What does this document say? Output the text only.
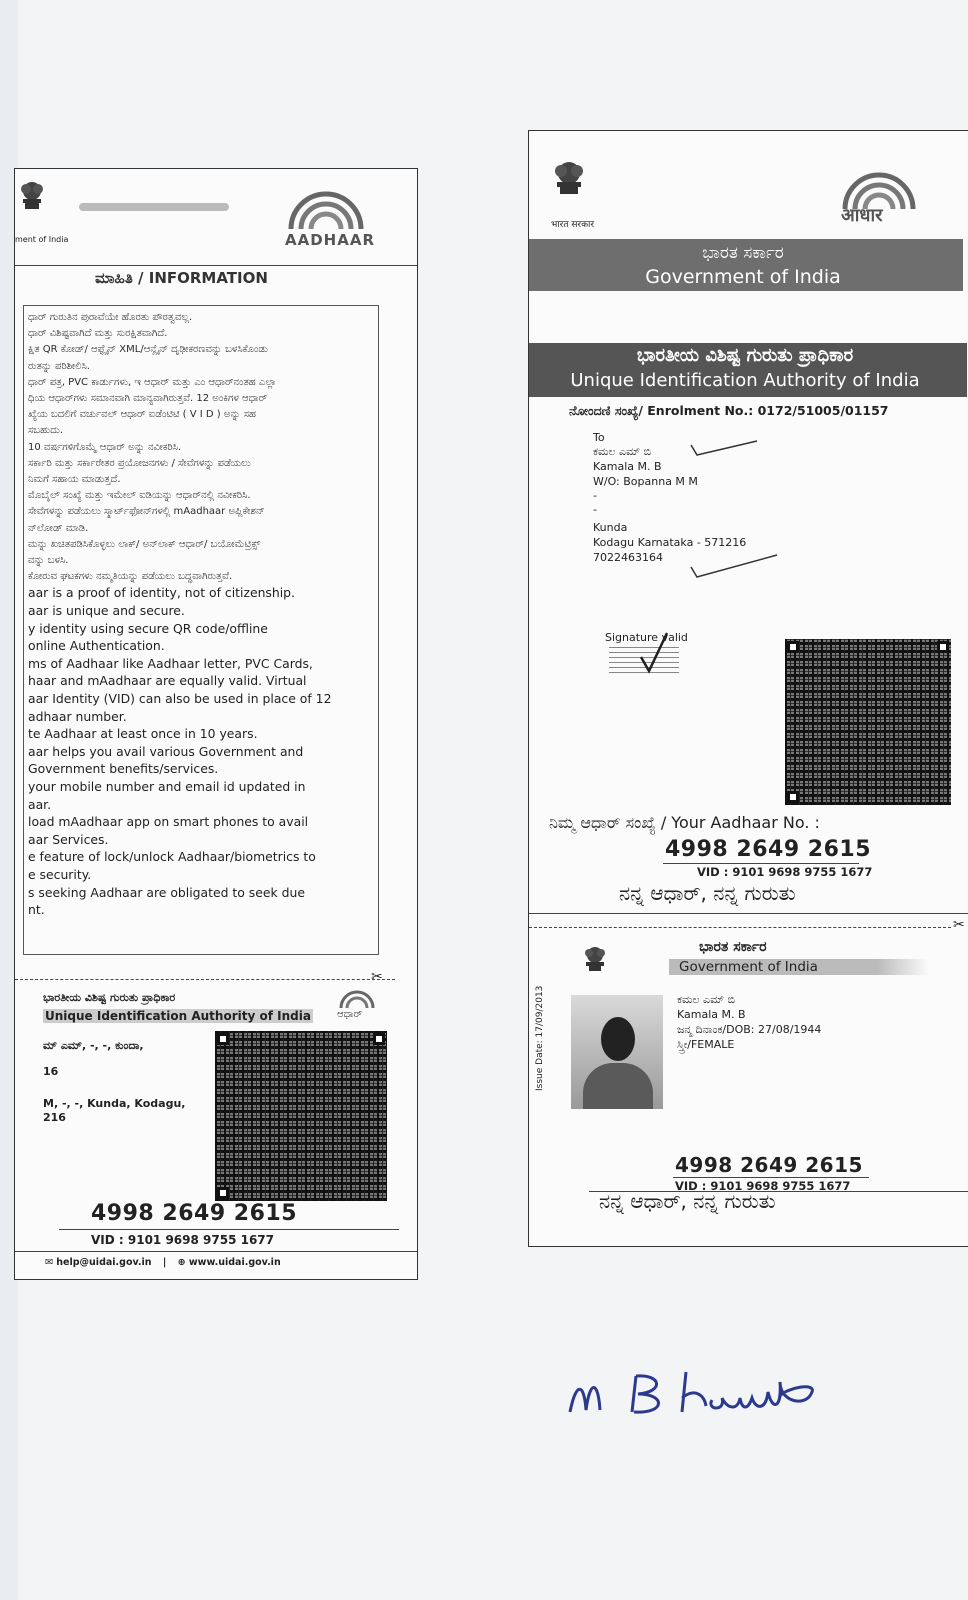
ment of India	AADHAAR
ಮಾಹಿತಿ / INFORMATION
ಧಾರ್ ಗುರುತಿನ ಪುರಾವೆಯೇ ಹೊರತು ಪೌರತ್ವವಲ್ಲ.
ಧಾರ್ ವಿಶಿಷ್ಟವಾಗಿದೆ ಮತ್ತು ಸುರಕ್ಷಿತವಾಗಿದೆ.
ಕ್ಷಿತ QR ಕೋಡ್/ ಆಫ್ಲೈನ್ XML/ಆನ್ಲೈನ್ ದೃಢೀಕರಣವನ್ನು ಬಳಸಿಕೊಂಡು
ರುತನ್ನು ಪರಿಶೀಲಿಸಿ.
ಧಾರ್ ಪತ್ರ, PVC ಕಾರ್ಡುಗಳು, ಇ ಆಧಾರ್ ಮತ್ತು ಎಂ ಆಧಾರ್‌ನಂತಹ ಎಲ್ಲಾ
ಧಿಯ ಆಧಾರ್‌ಗಳು ಸಮಾನವಾಗಿ ಮಾನ್ಯವಾಗಿರುತ್ತವೆ. 12 ಅಂಕಿಗಳ ಆಧಾರ್
ಖ್ಯೆಯ ಬದಲಿಗೆ ವರ್ಚುವಲ್ ಆಧಾರ್ ಐಡೆಂಟಿಟಿ ( V I D ) ಅನ್ನು ಸಹ
ಸಬಹುದು.
10 ವರ್ಷಗಳಿಗೊಮ್ಮೆ ಆಧಾರ್ ಅನ್ನು ನವೀಕರಿಸಿ.
ಸರ್ಕಾರಿ ಮತ್ತು ಸರ್ಕಾರೇತರ ಪ್ರಯೋಜನಗಳು / ಸೇವೆಗಳನ್ನು ಪಡೆಯಲು
ನಿಮಗೆ ಸಹಾಯ ಮಾಡುತ್ತದೆ.
ಮೊಬೈಲ್ ಸಂಖ್ಯೆ ಮತ್ತು ಇಮೇಲ್ ಐಡಿಯನ್ನು ಆಧಾರ್‌ನಲ್ಲಿ ನವೀಕರಿಸಿ.
ಸೇವೆಗಳನ್ನು ಪಡೆಯಲು ಸ್ಮಾರ್ಟ್‌ಫೋನ್‌ಗಳಲ್ಲಿ mAadhaar ಅಪ್ಲಿಕೇಶನ್
ನ್‌ಲೋಡ್ ಮಾಡಿ.
ಮನ್ನು ಖಚಿತಪಡಿಸಿಕೊಳ್ಳಲು ಲಾಕ್/ ಅನ್‌ಲಾಕ್ ಆಧಾರ್/ ಬಯೋಮೆಟ್ರಿಕ್ಸ್
ವನ್ನು ಬಳಸಿ.
ಕೋರುವ ಘಟಕಗಳು ನಮ್ಮತಿಯನ್ನು ಪಡೆಯಲು ಬದ್ಧವಾಗಿರುತ್ತವೆ.
aar is a proof of identity, not of citizenship.
aar is unique and secure.
y identity using secure QR code/offline
online Authentication.
ms of Aadhaar like Aadhaar letter, PVC Cards,
haar and mAadhaar are equally valid. Virtual
aar Identity (VID) can also be used in place of 12
adhaar number.
te Aadhaar at least once in 10 years.
aar helps you avail various Government and
Government benefits/services.
your mobile number and email id updated in
aar.
load mAadhaar app on smart phones to avail
aar Services.
e feature of lock/unlock Aadhaar/biometrics to
e security.
s seeking Aadhaar are obligated to seek due
nt.
✂
ಭಾರತೀಯ ವಿಶಿಷ್ಟ ಗುರುತು ಪ್ರಾಧಿಕಾರ
Unique Identification Authority of India	ಆಧಾರ್
ಮ್ ಎಮ್, -, -, ಕುಂದಾ,
16
M, -, -, Kunda, Kodagu,
216
4998 2649 2615
VID : 9101 9698 9755 1677
✉ help@uidai.gov.in | ⊕ www.uidai.gov.in
भारत सरकार	आधार
ಭಾರತ ಸರ್ಕಾರ
Government of India
ಭಾರತೀಯ ವಿಶಿಷ್ಟ ಗುರುತು ಪ್ರಾಧಿಕಾರ
Unique Identification Authority of India
ನೋಂದಣಿ ಸಂಖ್ಯೆ/ Enrolment No.: 0172/51005/01157
To
ಕಮಲ ಎಮ್ ಬಿ
Kamala M. B
W/O: Bopanna M M
-
-
Kunda
Kodagu Karnataka - 571216
7022463164
Signature valid
ನಿಮ್ಮ ಆಧಾರ್ ಸಂಖ್ಯೆ / Your Aadhaar No. :
4998 2649 2615
VID : 9101 9698 9755 1677
ನನ್ನ ಆಧಾರ್, ನನ್ನ ಗುರುತು
✂
ಭಾರತ ಸರ್ಕಾರ
Government of India
Issue Date: 17/09/2013	ಕಮಲ ಎಮ್ ಬಿ
Kamala M. B
ಜನ್ಮ ದಿನಾಂಕ/DOB: 27/08/1944
ಸ್ತ್ರೀ/FEMALE
4998 2649 2615
VID : 9101 9698 9755 1677
ನನ್ನ ಆಧಾರ್, ನನ್ನ ಗುರುತು
